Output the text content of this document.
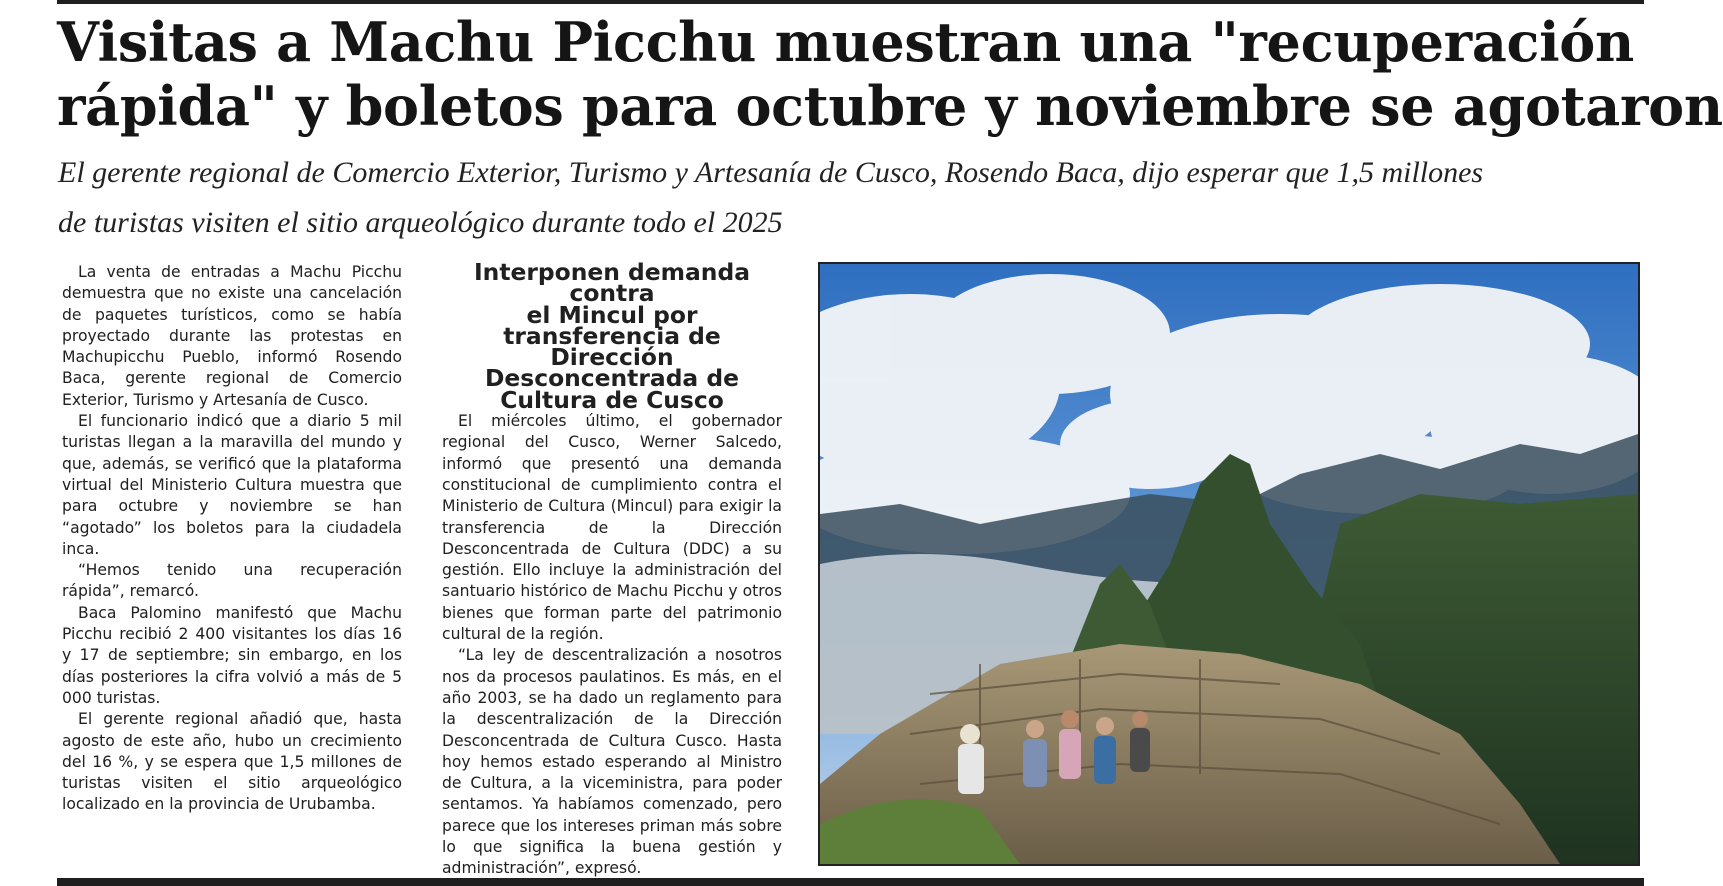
Visitas a Machu Picchu muestran una "recuperación
rápida" y boletos para octubre y noviembre se agotaron
El gerente regional de Comercio Exterior, Turismo y Artesanía de Cusco, Rosendo Baca, dijo esperar que 1,5 millones
de turistas visiten el sitio arqueológico durante todo el 2025

La venta de entradas a Machu Picchu demuestra que no existe una cancelación de paquetes turísticos, como se había proyectado durante las protestas en Machupicchu Pueblo, informó Rosendo Baca, gerente regional de Comercio Exterior, Turismo y Artesanía de Cusco.

El funcionario indicó que a diario 5 mil turistas llegan a la maravilla del mundo y que, además, se verificó que la plataforma virtual del Ministerio Cultura muestra que para octubre y noviembre se han “agotado” los boletos para la ciudadela inca.

“Hemos tenido una recuperación rápida”, remarcó.

Baca Palomino manifestó que Machu Picchu recibió 2 400 visitantes los días 16 y 17 de septiembre; sin embargo, en los días posteriores la cifra volvió a más de 5 000 turistas.

El gerente regional añadió que, hasta agosto de este año, hubo un crecimiento del 16 %, y se espera que 1,5 millones de turistas visiten el sitio arqueológico localizado en la provincia de Urubamba.

Interponen demanda contra
el Mincul por transferencia de
Dirección Desconcentrada de
Cultura de Cusco

El miércoles último, el gobernador regional del Cusco, Werner Salcedo, informó que presentó una demanda constitucional de cumplimiento contra el Ministerio de Cultura (Mincul) para exigir la transferencia de la Dirección Desconcentrada de Cultura (DDC) a su gestión. Ello incluye la administración del santuario histórico de Machu Picchu y otros bienes que forman parte del patrimonio cultural de la región.

“La ley de descentralización a nosotros nos da procesos paulatinos. Es más, en el año 2003, se ha dado un reglamento para la descentralización de la Dirección Desconcentrada de Cultura Cusco. Hasta hoy hemos estado esperando al Ministro de Cultura, a la viceministra, para poder sentamos. Ya habíamos comenzado, pero parece que los intereses priman más sobre lo que significa la buena gestión y administración”, expresó.
